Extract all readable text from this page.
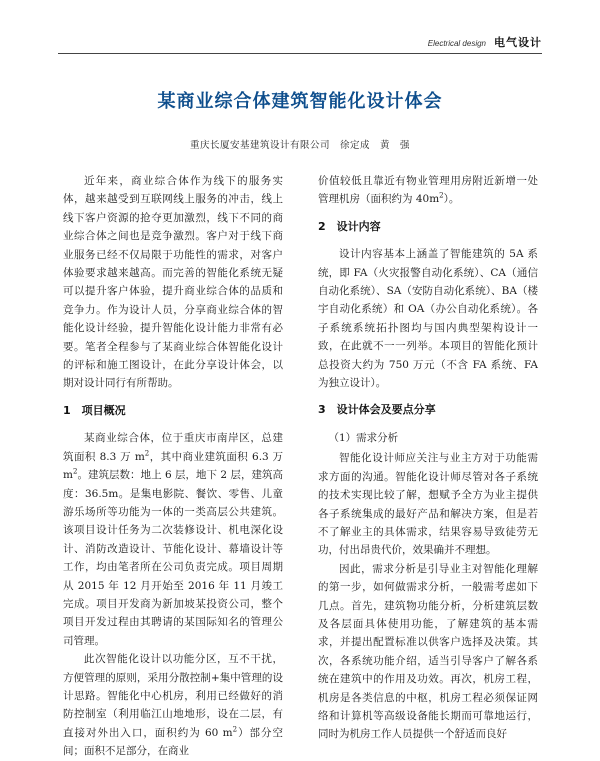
Electrical design 电气设计
某商业综合体建筑智能化设计体会
重庆长厦安基建筑设计有限公司　徐定成　黄　强

近年来，商业综合体作为线下的服务实体，越来越受到互联网线上服务的冲击，线上线下客户资源的抢夺更加激烈，线下不同的商业综合体之间也是竞争激烈。客户对于线下商业服务已经不仅局限于功能性的需求，对客户体验要求越来越高。而完善的智能化系统无疑可以提升客户体验，提升商业综合体的品质和竞争力。作为设计人员，分享商业综合体的智能化设计经验，提升智能化设计能力非常有必要。笔者全程参与了某商业综合体智能化设计的评标和施工图设计，在此分享设计体会，以期对设计同行有所帮助。

1　项目概况

某商业综合体，位于重庆市南岸区，总建筑面积 8.3 万 $m^2$，其中商业建筑面积 6.3 万 $m^2$。建筑层数：地上 6 层，地下 2 层，建筑高度：36.5m。是集电影院、餐饮、零售、儿童游乐场所等功能为一体的一类高层公共建筑。该项目设计任务为二次装修设计、机电深化设计、消防改造设计、节能化设计、幕墙设计等工作，均由笔者所在公司负责完成。项目周期从 2015 年 12 月开始至 2016 年 11 月竣工完成。项目开发商为新加坡某投资公司，整个项目开发过程由其聘请的某国际知名的管理公司管理。

此次智能化设计以功能分区，互不干扰，方便管理的原则，采用分散控制+集中管理的设计思路。智能化中心机房，利用已经做好的消防控制室（利用临江山地地形，设在二层，有直接对外出入口，面积约为 60 $m^2$）部分空间；面积不足部分，在商业

价值较低且靠近有物业管理用房附近新增一处管理机房（面积约为 $40m^2$）。

2　设计内容

设计内容基本上涵盖了智能建筑的 5A 系统，即 FA（火灾报警自动化系统）、CA（通信自动化系统）、SA（安防自动化系统）、BA（楼宇自动化系统）和 OA（办公自动化系统）。各子系统系统拓扑图均与国内典型架构设计一致，在此就不一一列举。本项目的智能化预计总投资大约为 750 万元（不含 FA 系统、FA 为独立设计）。

3　设计体会及要点分享
（1）需求分析

智能化设计师应关注与业主方对于功能需求方面的沟通。智能化设计师尽管对各子系统的技术实现比较了解，想赋予全方为业主提供各子系统集成的最好产品和解决方案，但是若不了解业主的具体需求，结果容易导致徒劳无功，付出昂贵代价，效果确并不理想。

因此，需求分析是引导业主对智能化理解的第一步，如何做需求分析，一般需考虑如下几点。首先，建筑物功能分析，分析建筑层数及各层面具体使用功能，了解建筑的基本需求，并提出配置标准以供客户选择及决策。其次，各系统功能介绍，适当引导客户了解各系统在建筑中的作用及功效。再次，机房工程，机房是各类信息的中枢，机房工程必须保证网络和计算机等高级设备能长期而可靠地运行，同时为机房工作人员提供一个舒适而良好
